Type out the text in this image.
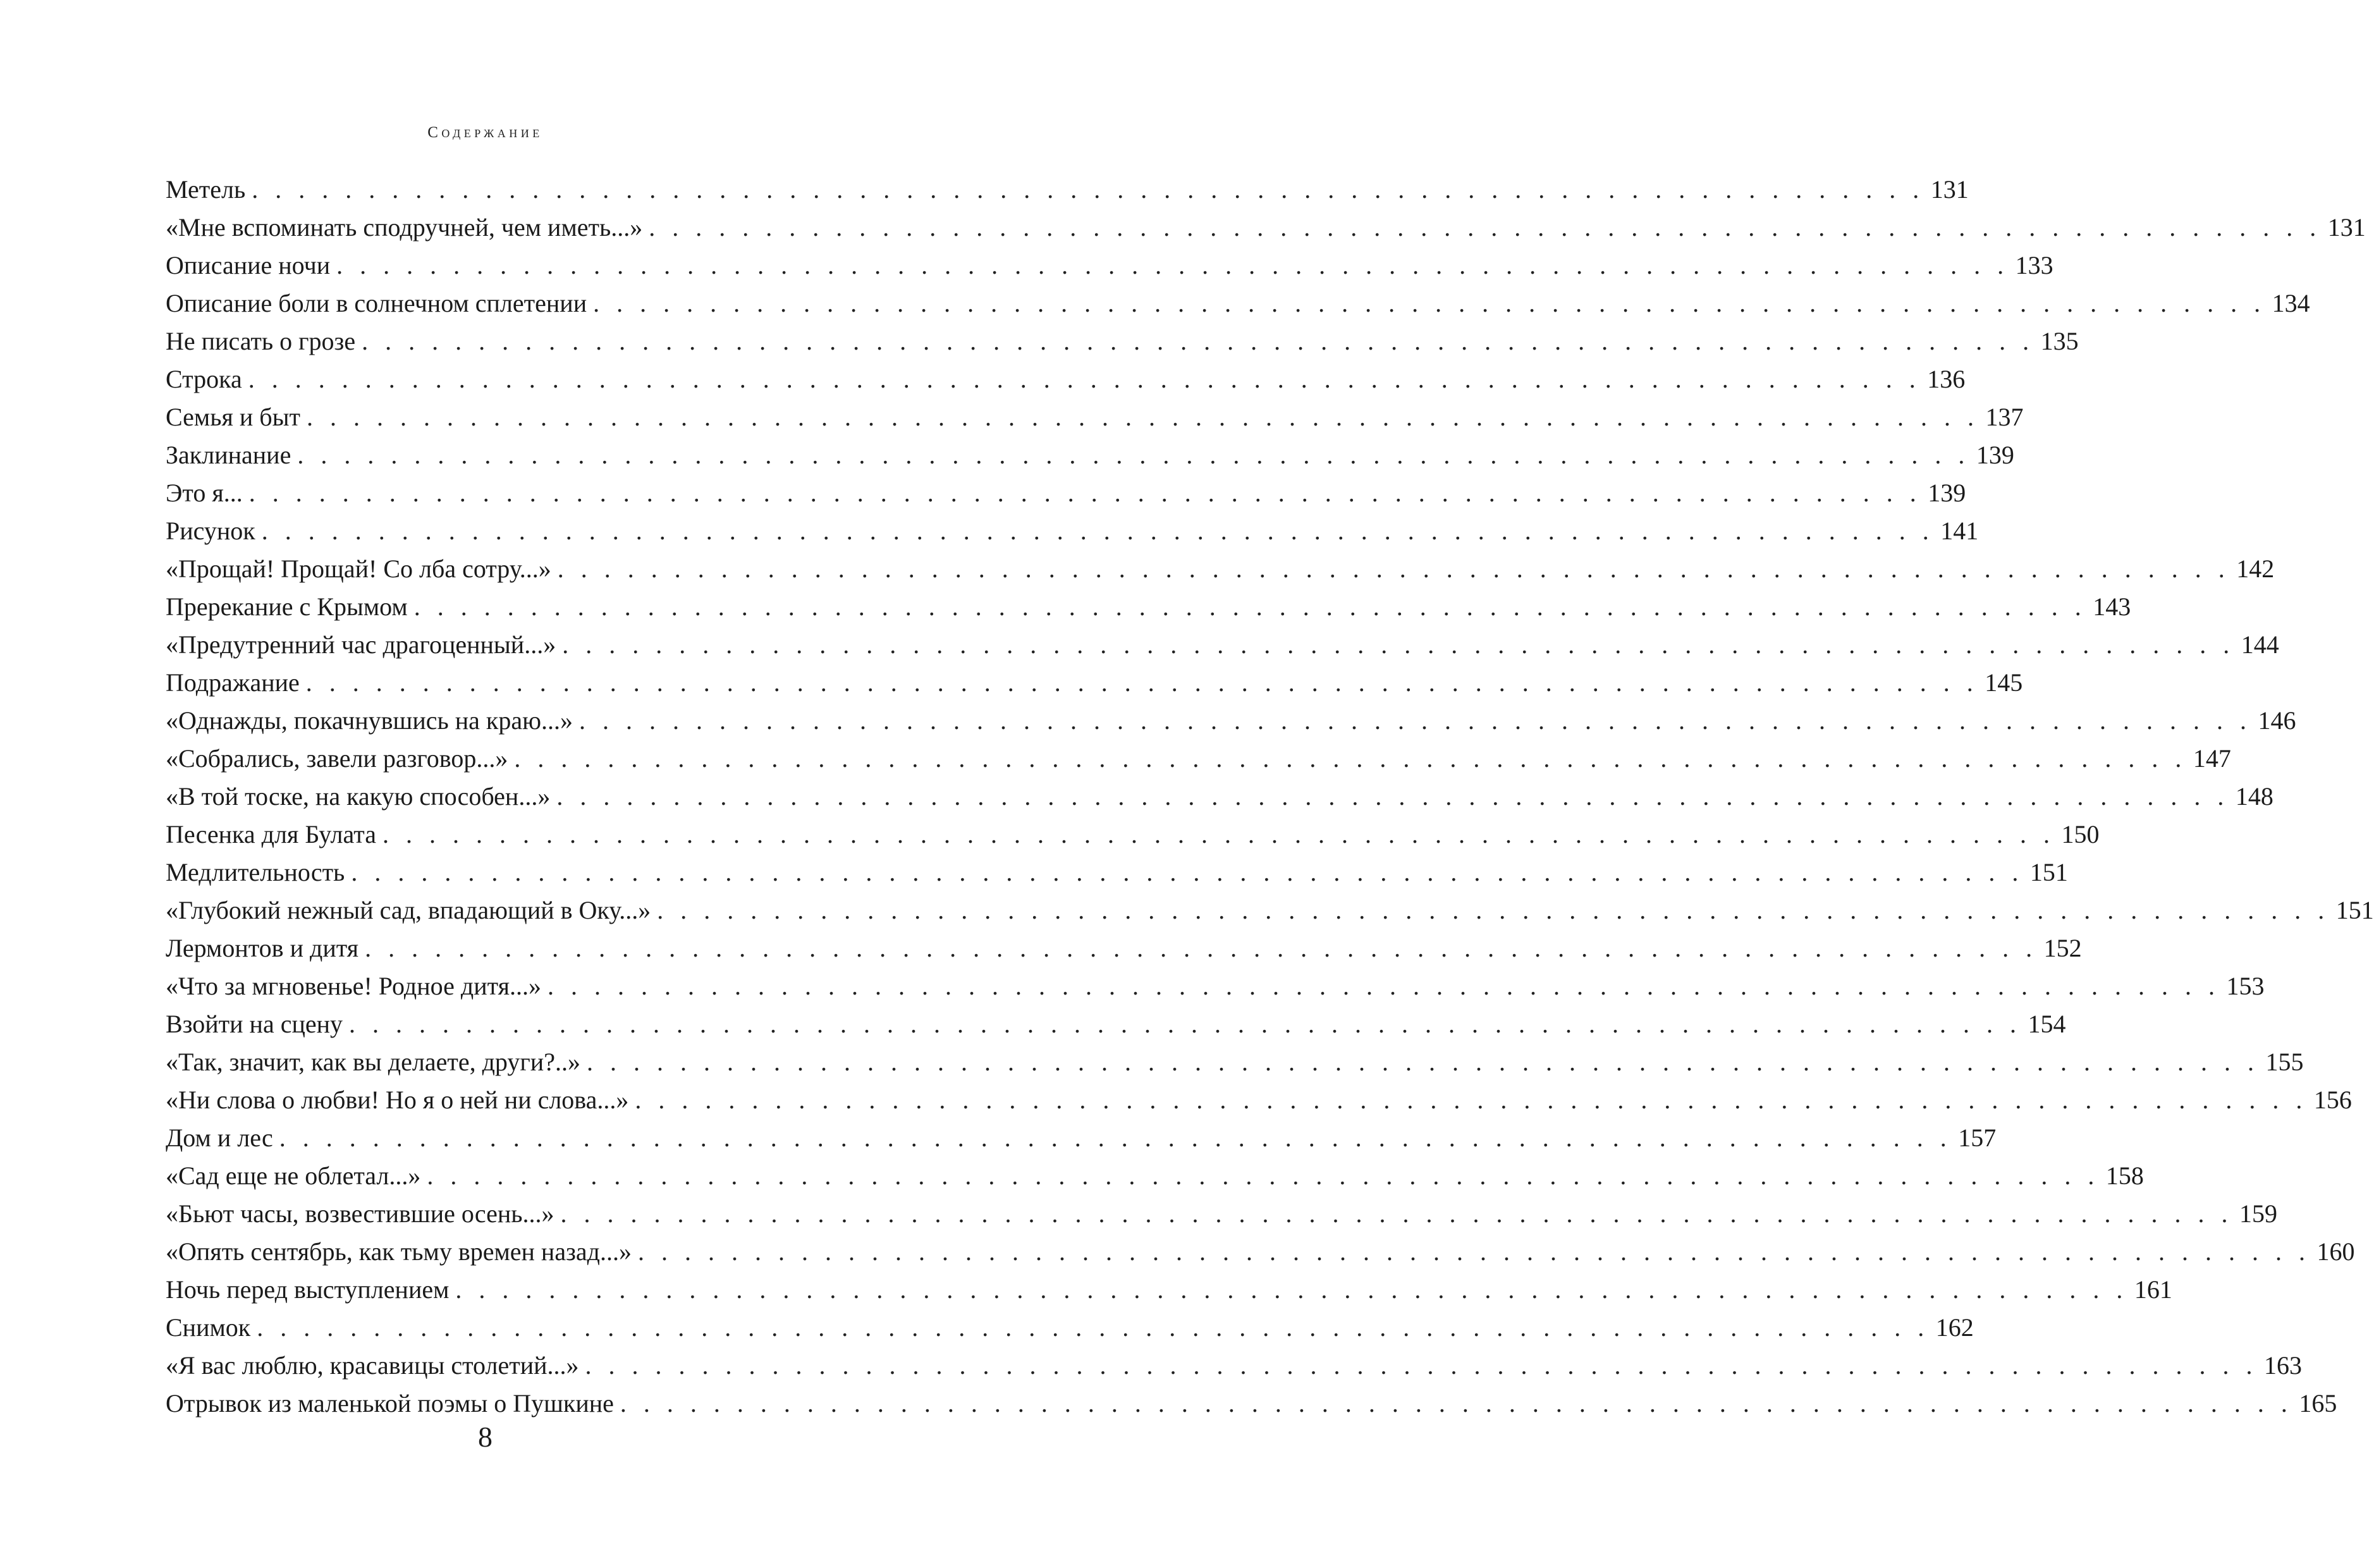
Содержание
Метель . . . . . . . . . . . . . . . . . . . . . . . . . . . . . . . . . . . . . . . . . . . . . . . . . . . . . . . . . . . . . . . . . . . . . . . . 131
«Мне вспоминать сподручней, чем иметь...» . . . . . . . . . . . . . . . . . . . . . . . . . . . . . . . . . . . . . . . . . . . . . . . . . . . . . . . . . . . . . . . . . . . . . . . . 131
Описание ночи . . . . . . . . . . . . . . . . . . . . . . . . . . . . . . . . . . . . . . . . . . . . . . . . . . . . . . . . . . . . . . . . . . . . . . . . 133
Описание боли в солнечном сплетении . . . . . . . . . . . . . . . . . . . . . . . . . . . . . . . . . . . . . . . . . . . . . . . . . . . . . . . . . . . . . . . . . . . . . . . . 134
Не писать о грозе . . . . . . . . . . . . . . . . . . . . . . . . . . . . . . . . . . . . . . . . . . . . . . . . . . . . . . . . . . . . . . . . . . . . . . . . 135
Строка . . . . . . . . . . . . . . . . . . . . . . . . . . . . . . . . . . . . . . . . . . . . . . . . . . . . . . . . . . . . . . . . . . . . . . . . 136
Семья и быт . . . . . . . . . . . . . . . . . . . . . . . . . . . . . . . . . . . . . . . . . . . . . . . . . . . . . . . . . . . . . . . . . . . . . . . . 137
Заклинание . . . . . . . . . . . . . . . . . . . . . . . . . . . . . . . . . . . . . . . . . . . . . . . . . . . . . . . . . . . . . . . . . . . . . . . . 139
Это я... . . . . . . . . . . . . . . . . . . . . . . . . . . . . . . . . . . . . . . . . . . . . . . . . . . . . . . . . . . . . . . . . . . . . . . . . 139
Рисунок . . . . . . . . . . . . . . . . . . . . . . . . . . . . . . . . . . . . . . . . . . . . . . . . . . . . . . . . . . . . . . . . . . . . . . . . 141
«Прощай! Прощай! Со лба сотру...» . . . . . . . . . . . . . . . . . . . . . . . . . . . . . . . . . . . . . . . . . . . . . . . . . . . . . . . . . . . . . . . . . . . . . . . . 142
Пререкание с Крымом . . . . . . . . . . . . . . . . . . . . . . . . . . . . . . . . . . . . . . . . . . . . . . . . . . . . . . . . . . . . . . . . . . . . . . . . 143
«Предутренний час драгоценный...» . . . . . . . . . . . . . . . . . . . . . . . . . . . . . . . . . . . . . . . . . . . . . . . . . . . . . . . . . . . . . . . . . . . . . . . . 144
Подражание . . . . . . . . . . . . . . . . . . . . . . . . . . . . . . . . . . . . . . . . . . . . . . . . . . . . . . . . . . . . . . . . . . . . . . . . 145
«Однажды, покачнувшись на краю...» . . . . . . . . . . . . . . . . . . . . . . . . . . . . . . . . . . . . . . . . . . . . . . . . . . . . . . . . . . . . . . . . . . . . . . . . 146
«Собрались, завели разговор...» . . . . . . . . . . . . . . . . . . . . . . . . . . . . . . . . . . . . . . . . . . . . . . . . . . . . . . . . . . . . . . . . . . . . . . . . 147
«В той тоске, на какую способен...» . . . . . . . . . . . . . . . . . . . . . . . . . . . . . . . . . . . . . . . . . . . . . . . . . . . . . . . . . . . . . . . . . . . . . . . . 148
Песенка для Булата . . . . . . . . . . . . . . . . . . . . . . . . . . . . . . . . . . . . . . . . . . . . . . . . . . . . . . . . . . . . . . . . . . . . . . . . 150
Медлительность . . . . . . . . . . . . . . . . . . . . . . . . . . . . . . . . . . . . . . . . . . . . . . . . . . . . . . . . . . . . . . . . . . . . . . . . 151
«Глубокий нежный сад, впадающий в Оку...» . . . . . . . . . . . . . . . . . . . . . . . . . . . . . . . . . . . . . . . . . . . . . . . . . . . . . . . . . . . . . . . . . . . . . . . . 151
Лермонтов и дитя . . . . . . . . . . . . . . . . . . . . . . . . . . . . . . . . . . . . . . . . . . . . . . . . . . . . . . . . . . . . . . . . . . . . . . . . 152
«Что за мгновенье! Родное дитя...» . . . . . . . . . . . . . . . . . . . . . . . . . . . . . . . . . . . . . . . . . . . . . . . . . . . . . . . . . . . . . . . . . . . . . . . . 153
Взойти на сцену . . . . . . . . . . . . . . . . . . . . . . . . . . . . . . . . . . . . . . . . . . . . . . . . . . . . . . . . . . . . . . . . . . . . . . . . 154
«Так, значит, как вы делаете, други?..» . . . . . . . . . . . . . . . . . . . . . . . . . . . . . . . . . . . . . . . . . . . . . . . . . . . . . . . . . . . . . . . . . . . . . . . . 155
«Ни слова о любви! Но я о ней ни слова...» . . . . . . . . . . . . . . . . . . . . . . . . . . . . . . . . . . . . . . . . . . . . . . . . . . . . . . . . . . . . . . . . . . . . . . . . 156
Дом и лес . . . . . . . . . . . . . . . . . . . . . . . . . . . . . . . . . . . . . . . . . . . . . . . . . . . . . . . . . . . . . . . . . . . . . . . . 157
«Сад еще не облетал...» . . . . . . . . . . . . . . . . . . . . . . . . . . . . . . . . . . . . . . . . . . . . . . . . . . . . . . . . . . . . . . . . . . . . . . . . 158
«Бьют часы, возвестившие осень...» . . . . . . . . . . . . . . . . . . . . . . . . . . . . . . . . . . . . . . . . . . . . . . . . . . . . . . . . . . . . . . . . . . . . . . . . 159
«Опять сентябрь, как тьму времен назад...» . . . . . . . . . . . . . . . . . . . . . . . . . . . . . . . . . . . . . . . . . . . . . . . . . . . . . . . . . . . . . . . . . . . . . . . . 160
Ночь перед выступлением . . . . . . . . . . . . . . . . . . . . . . . . . . . . . . . . . . . . . . . . . . . . . . . . . . . . . . . . . . . . . . . . . . . . . . . . 161
Снимок . . . . . . . . . . . . . . . . . . . . . . . . . . . . . . . . . . . . . . . . . . . . . . . . . . . . . . . . . . . . . . . . . . . . . . . . 162
«Я вас люблю, красавицы столетий...» . . . . . . . . . . . . . . . . . . . . . . . . . . . . . . . . . . . . . . . . . . . . . . . . . . . . . . . . . . . . . . . . . . . . . . . . 163
Отрывок из маленькой поэмы о Пушкине . . . . . . . . . . . . . . . . . . . . . . . . . . . . . . . . . . . . . . . . . . . . . . . . . . . . . . . . . . . . . . . . . . . . . . . . 165
8
